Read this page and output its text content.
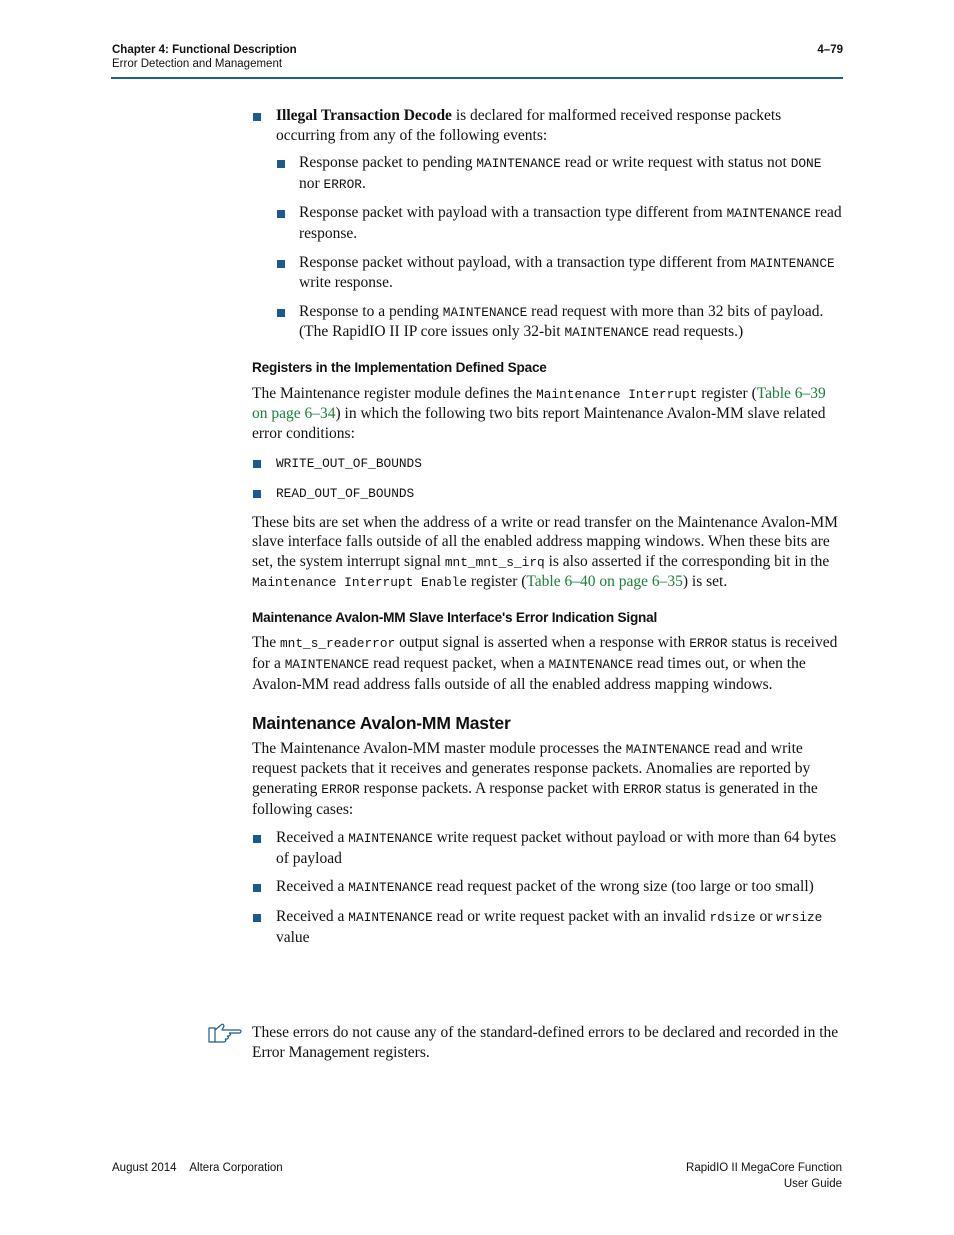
Chapter 4: Functional Description	4–79
Error Detection and Management
Illegal Transaction Decode is declared for malformed received response packets occurring from any of the following events:
Response packet to pending MAINTENANCE read or write request with status not DONE nor ERROR.
Response packet with payload with a transaction type different from MAINTENANCE read response.
Response packet without payload, with a transaction type different from MAINTENANCE write response.
Response to a pending MAINTENANCE read request with more than 32 bits of payload. (The RapidIO II IP core issues only 32-bit MAINTENANCE read requests.)
Registers in the Implementation Defined Space

The Maintenance register module defines the Maintenance Interrupt register (Table 6–39 on page 6–34) in which the following two bits report Maintenance Avalon-MM slave related error conditions:

WRITE_OUT_OF_BOUNDS
READ_OUT_OF_BOUNDS

These bits are set when the address of a write or read transfer on the Maintenance Avalon-MM slave interface falls outside of all the enabled address mapping windows. When these bits are set, the system interrupt signal mnt_mnt_s_irq is also asserted if the corresponding bit in the Maintenance Interrupt Enable register (Table 6–40 on page 6–35) is set.

Maintenance Avalon-MM Slave Interface's Error Indication Signal

The mnt_s_readerror output signal is asserted when a response with ERROR status is received for a MAINTENANCE read request packet, when a MAINTENANCE read times out, or when the Avalon-MM read address falls outside of all the enabled address mapping windows.

Maintenance Avalon-MM Master

The Maintenance Avalon-MM master module processes the MAINTENANCE read and write request packets that it receives and generates response packets. Anomalies are reported by generating ERROR response packets. A response packet with ERROR status is generated in the following cases:

Received a MAINTENANCE write request packet without payload or with more than 64 bytes of payload
Received a MAINTENANCE read request packet of the wrong size (too large or too small)
Received a MAINTENANCE read or write request packet with an invalid rdsize or wrsize value
These errors do not cause any of the standard-defined errors to be declared and recorded in the Error Management registers.
August 2014 Altera Corporation	RapidIO II MegaCore Function
User Guide
